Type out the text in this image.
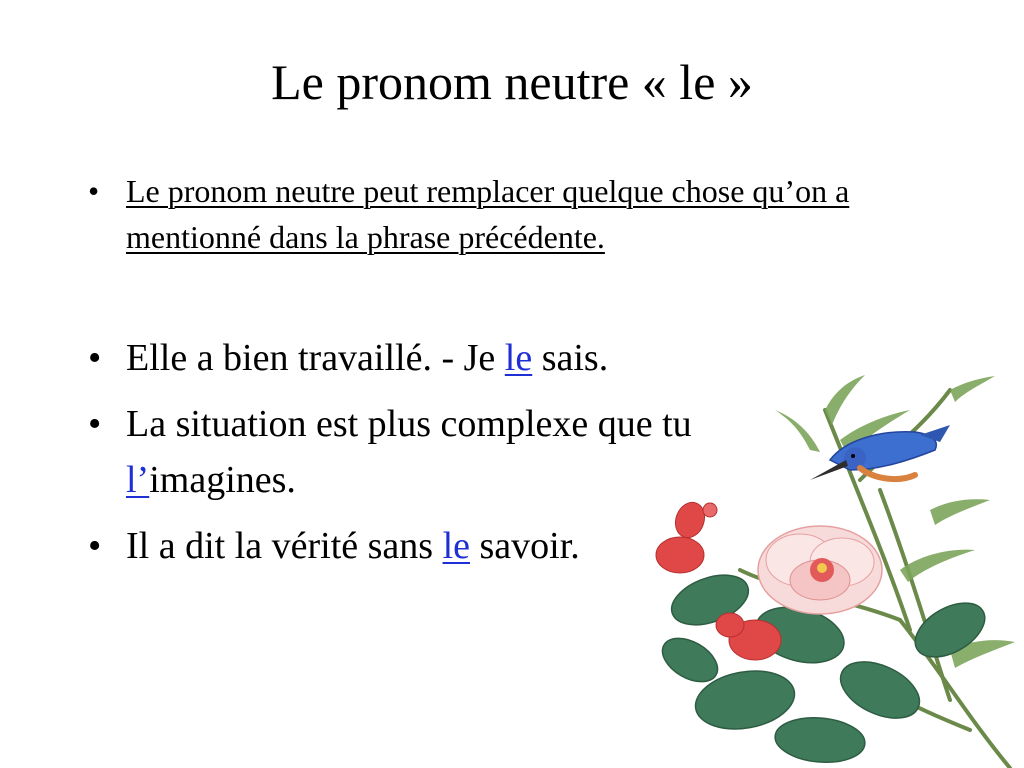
Le pronom neutre « le »
• Le pronom neutre peut remplacer quelque chose qu’on a mentionné dans la phrase précédente.
• Elle a bien travaillé. - Je le sais.
• La situation est plus complexe que tu
l’imagines.
• Il a dit la vérité sans le savoir.
